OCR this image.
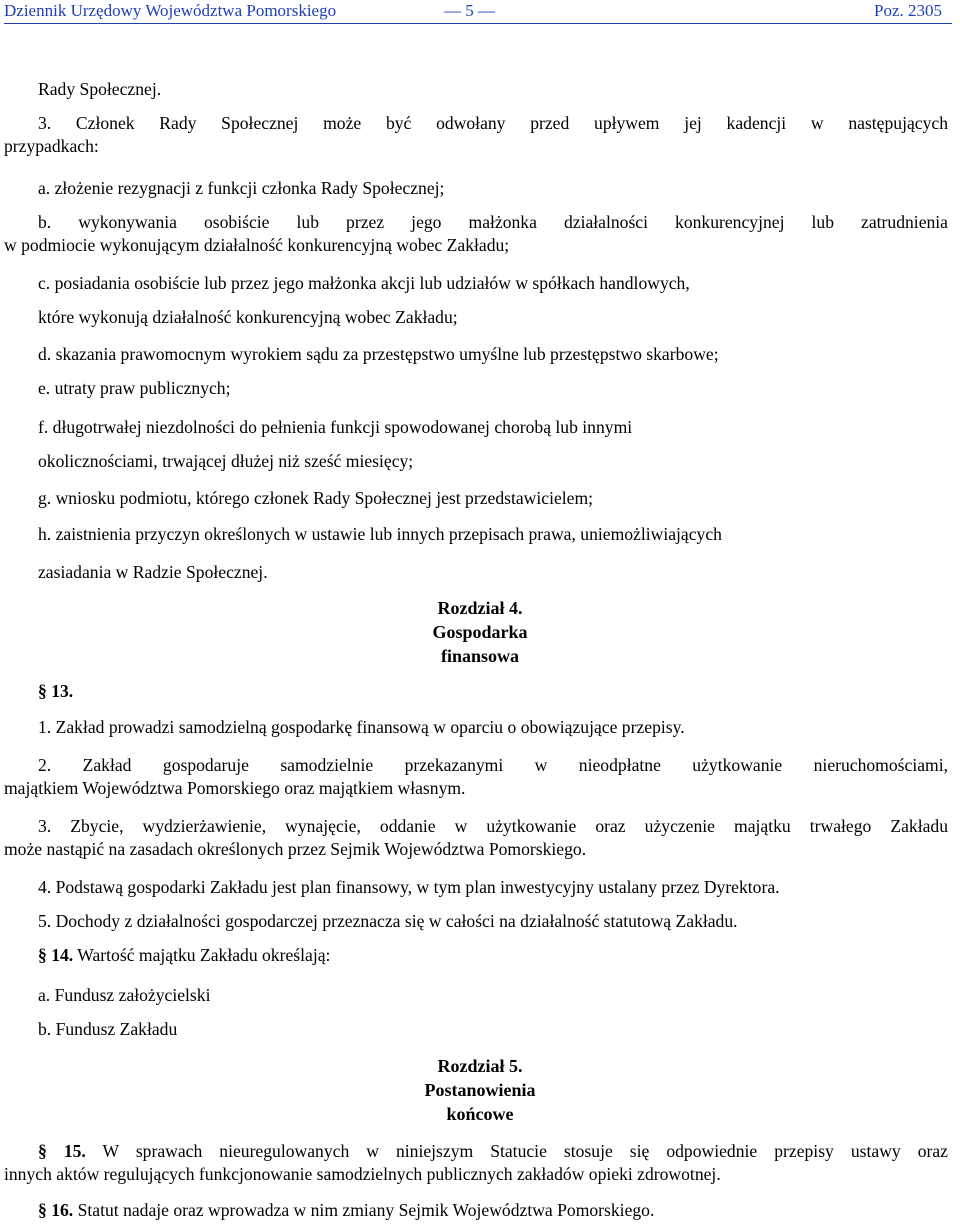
Dziennik Urzędowy Województwa Pomorskiego	— 5 —	Poz. 2305
Rady Społecznej.
3. Członek Rady Społecznej może być odwołany przed upływem jej kadencji w następujących
przypadkach:
a. złożenie rezygnacji z funkcji członka Rady Społecznej;
b. wykonywania osobiście lub przez jego małżonka działalności konkurencyjnej lub zatrudnienia
w podmiocie wykonującym działalność konkurencyjną wobec Zakładu;
c. posiadania osobiście lub przez jego małżonka akcji lub udziałów w spółkach handlowych,
które wykonują działalność konkurencyjną wobec Zakładu;
d. skazania prawomocnym wyrokiem sądu za przestępstwo umyślne lub przestępstwo skarbowe;
e. utraty praw publicznych;
f. długotrwałej niezdolności do pełnienia funkcji spowodowanej chorobą lub innymi
okolicznościami, trwającej dłużej niż sześć miesięcy;
g. wniosku podmiotu, którego członek Rady Społecznej jest przedstawicielem;
h. zaistnienia przyczyn określonych w ustawie lub innych przepisach prawa, uniemożliwiających
zasiadania w Radzie Społecznej.
Rozdział 4.
Gospodarka
finansowa
§ 13.
1. Zakład prowadzi samodzielną gospodarkę finansową w oparciu o obowiązujące przepisy.
2. Zakład gospodaruje samodzielnie przekazanymi w nieodpłatne użytkowanie nieruchomościami,
majątkiem Województwa Pomorskiego oraz majątkiem własnym.
3. Zbycie, wydzierżawienie, wynajęcie, oddanie w użytkowanie oraz użyczenie majątku trwałego Zakładu
może nastąpić na zasadach określonych przez Sejmik Województwa Pomorskiego.
4. Podstawą gospodarki Zakładu jest plan finansowy, w tym plan inwestycyjny ustalany przez Dyrektora.
5. Dochody z działalności gospodarczej przeznacza się w całości na działalność statutową Zakładu.
§ 14. Wartość majątku Zakładu określają:
a. Fundusz założycielski
b. Fundusz Zakładu
Rozdział 5.
Postanowienia
końcowe
§ 15. W sprawach nieuregulowanych w niniejszym Statucie stosuje się odpowiednie przepisy ustawy oraz
innych aktów regulujących funkcjonowanie samodzielnych publicznych zakładów opieki zdrowotnej.
§ 16. Statut nadaje oraz wprowadza w nim zmiany Sejmik Województwa Pomorskiego.
